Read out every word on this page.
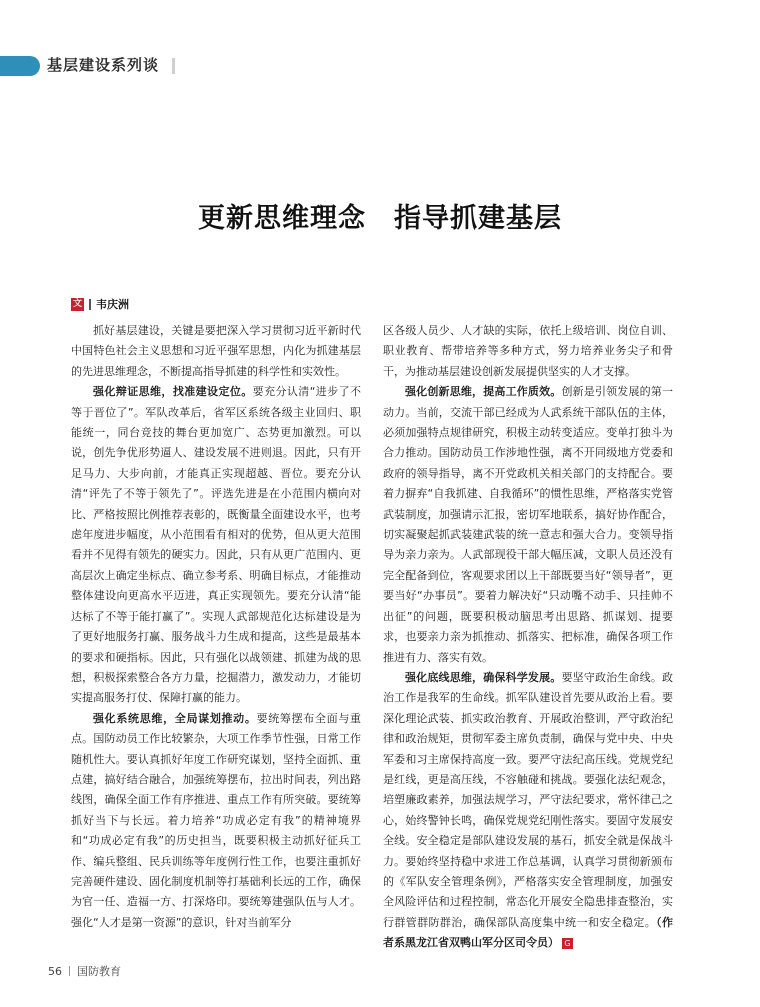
基层建设系列谈
更新思维理念　指导抓建基层
文 韦庆洲

抓好基层建设，关键是要把深入学习贯彻习近平新时代中国特色社会主义思想和习近平强军思想，内化为抓建基层的先进思维理念，不断提高指导抓建的科学性和实效性。

强化辩证思维，找准建设定位。要充分认清“进步了不等于晋位了”。军队改革后，省军区系统各级主业回归、职能统一，同台竞技的舞台更加宽广、态势更加激烈。可以说，创先争优形势逼人、建设发展不进则退。因此，只有开足马力、大步向前，才能真正实现超越、晋位。要充分认清“评先了不等于领先了”。评选先进是在小范围内横向对比、严格按照比例推荐表彰的，既衡量全面建设水平，也考虑年度进步幅度，从小范围看有相对的优势，但从更大范围看并不见得有领先的硬实力。因此，只有从更广范围内、更高层次上确定坐标点、确立参考系、明确目标点，才能推动整体建设向更高水平迈进，真正实现领先。要充分认清“能达标了不等于能打赢了”。实现人武部规范化达标建设是为了更好地服务打赢、服务战斗力生成和提高，这些是最基本的要求和硬指标。因此，只有强化以战领建、抓建为战的思想，积极探索整合各方力量，挖掘潜力，激发动力，才能切实提高服务打仗、保障打赢的能力。

强化系统思维，全局谋划推动。要统筹摆布全面与重点。国防动员工作比较繁杂，大项工作季节性强，日常工作随机性大。要认真抓好年度工作研究谋划，坚持全面抓、重点建，搞好结合融合，加强统筹摆布，拉出时间表，列出路线图，确保全面工作有序推进、重点工作有所突破。要统筹抓好当下与长远。着力培养“功成必定有我”的精神境界和“功成必定有我”的历史担当，既要积极主动抓好征兵工作、编兵整组、民兵训练等年度例行性工作，也要注重抓好完善硬件建设、固化制度机制等打基础利长远的工作，确保为官一任、造福一方、打深烙印。要统筹建强队伍与人才。强化“人才是第一资源”的意识，针对当前军分

区各级人员少、人才缺的实际，依托上级培训、岗位自训、职业教育、帮带培养等多种方式，努力培养业务尖子和骨干，为推动基层建设创新发展提供坚实的人才支撑。

强化创新思维，提高工作质效。创新是引领发展的第一动力。当前，交流干部已经成为人武系统干部队伍的主体，必须加强特点规律研究，积极主动转变适应。变单打独斗为合力推动。国防动员工作涉地性强，离不开同级地方党委和政府的领导指导，离不开党政机关相关部门的支持配合。要着力摒弃“自我抓建、自我循环”的惯性思维，严格落实党管武装制度，加强请示汇报，密切军地联系，搞好协作配合，切实凝聚起抓武装建武装的统一意志和强大合力。变领导指导为亲力亲为。人武部现役干部大幅压减，文职人员还没有完全配备到位，客观要求团以上干部既要当好“领导者”，更要当好“办事员”。要着力解决好“只动嘴不动手、只挂帅不出征”的问题，既要积极动脑思考出思路、抓谋划、提要求，也要亲力亲为抓推动、抓落实、把标准，确保各项工作推进有力、落实有效。

强化底线思维，确保科学发展。要坚守政治生命线。政治工作是我军的生命线。抓军队建设首先要从政治上看。要深化理论武装、抓实政治教育、开展政治整训，严守政治纪律和政治规矩，贯彻军委主席负责制，确保与党中央、中央军委和习主席保持高度一致。要严守法纪高压线。党规党纪是红线，更是高压线，不容触碰和挑战。要强化法纪观念，培塑廉政素养，加强法规学习，严守法纪要求，常怀律己之心，始终警钟长鸣，确保党规党纪刚性落实。要固守发展安全线。安全稳定是部队建设发展的基石，抓安全就是保战斗力。要始终坚持稳中求进工作总基调，认真学习贯彻新颁布的《军队安全管理条例》，严格落实安全管理制度，加强安全风险评估和过程控制，常态化开展安全隐患排查整治，实行群管群防群治，确保部队高度集中统一和安全稳定。（作者系黑龙江省双鸭山军分区司令员） G

56 国防教育
